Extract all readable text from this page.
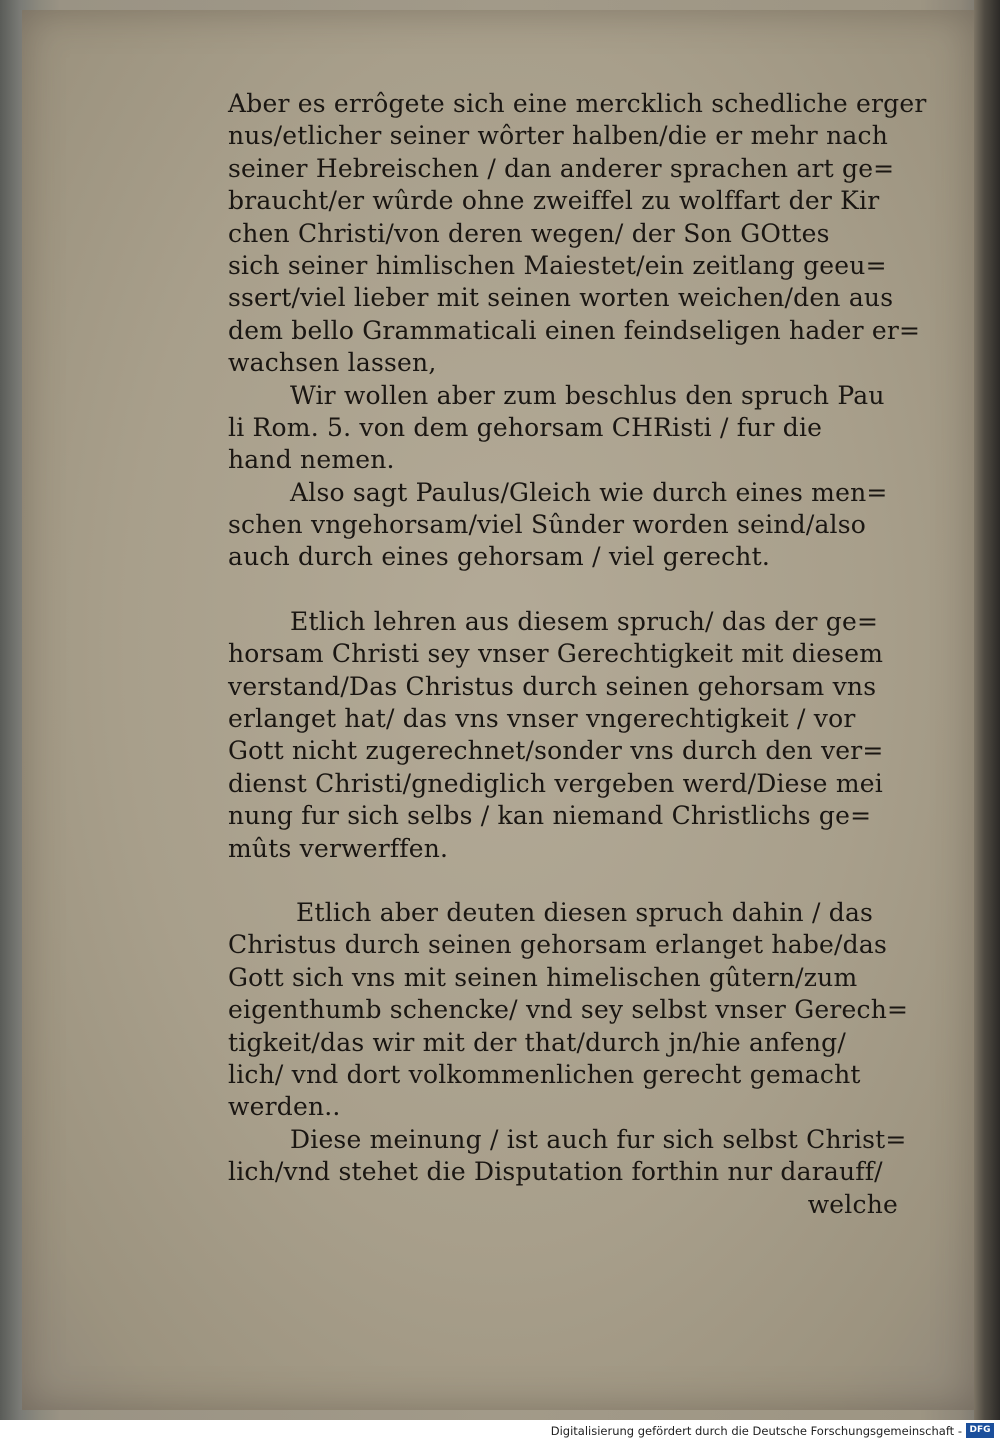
Aber es errôgete sich eine mercklich schedliche erger
nus/etlicher seiner wôrter halben/die er mehr nach
seiner Hebreischen / dan anderer sprachen art ge=
braucht/er wûrde ohne zweiffel zu wolffart der Kir
chen Christi/von deren wegen/ der Son GOttes
sich seiner himlischen Maiestet/ein zeitlang geeu=
ssert/viel lieber mit seinen worten weichen/den aus
dem bello Grammaticali einen feindseligen hader er=
wachsen lassen,
Wir wollen aber zum beschlus den spruch Pau
li Rom. 5. von dem gehorsam CHRisti / fur die
hand nemen.
Also sagt Paulus/Gleich wie durch eines men=
schen vngehorsam/viel Sûnder worden seind/also
auch durch eines gehorsam / viel gerecht.
Etlich lehren aus diesem spruch/ das der ge=
horsam Christi sey vnser Gerechtigkeit mit diesem
verstand/Das Christus durch seinen gehorsam vns
erlanget hat/ das vns vnser vngerechtigkeit / vor
Gott nicht zugerechnet/sonder vns durch den ver=
dienst Christi/gnediglich vergeben werd/Diese mei
nung fur sich selbs / kan niemand Christlichs ge=
mûts verwerffen.
Etlich aber deuten diesen spruch dahin / das
Christus durch seinen gehorsam erlanget habe/das
Gott sich vns mit seinen himelischen gûtern/zum
eigenthumb schencke/ vnd sey selbst vnser Gerech=
tigkeit/das wir mit der that/durch jn/hie anfeng/
lich/ vnd dort volkommenlichen gerecht gemacht
werden..
Diese meinung / ist auch fur sich selbst Christ=
lich/vnd stehet die Disputation forthin nur darauff/
welche
Digitalisierung gefördert durch die Deutsche Forschungsgemeinschaft - DFG
